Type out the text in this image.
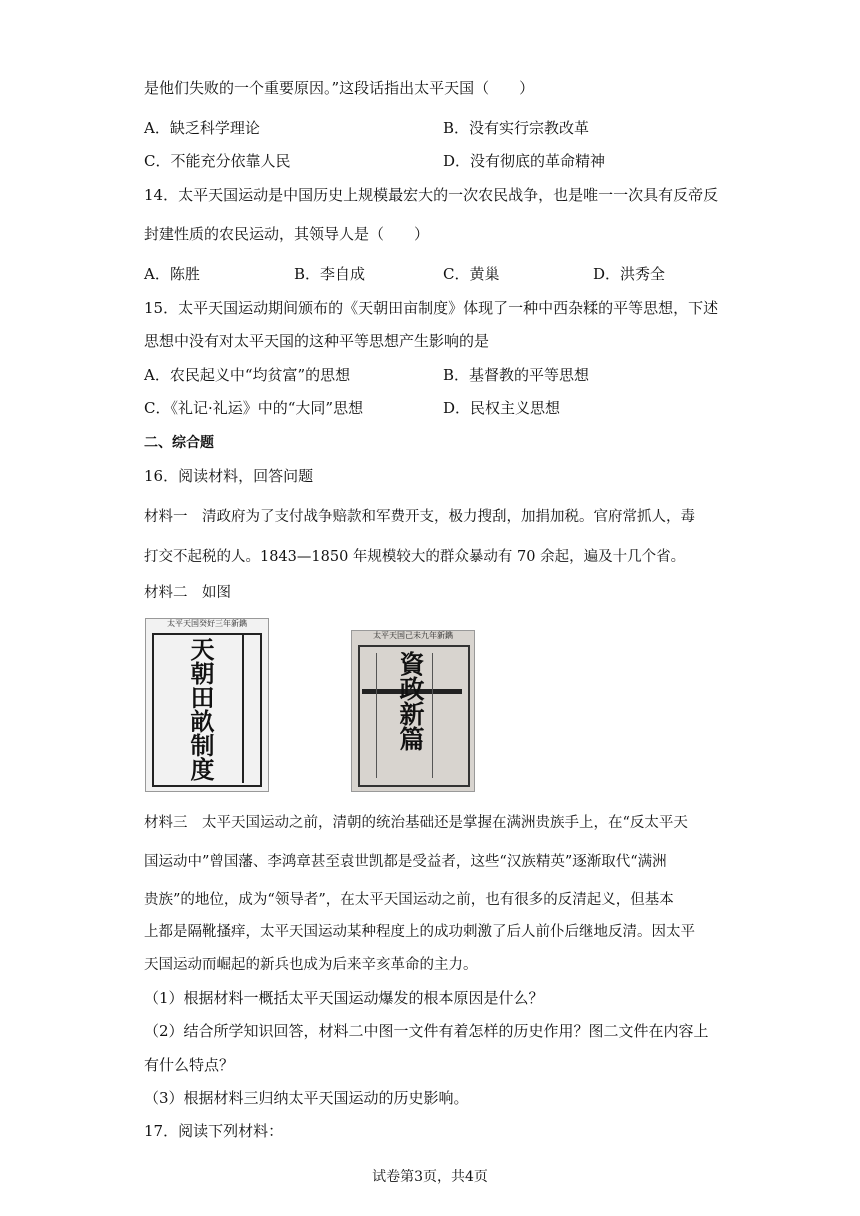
是他们失败的一个重要原因。”这段话指出太平天国（　　）
A．缺乏科学理论	B．没有实行宗教改革
C．不能充分依靠人民	D．没有彻底的革命精神
14．太平天国运动是中国历史上规模最宏大的一次农民战争，也是唯一一次具有反帝反
封建性质的农民运动，其领导人是（　　）
A．陈胜	B．李自成	C．黄巢	D．洪秀全
15．太平天国运动期间颁布的《天朝田亩制度》体现了一种中西杂糅的平等思想，下述
思想中没有对太平天国的这种平等思想产生影响的是
A．农民起义中“均贫富”的思想	B．基督教的平等思想
C．《礼记·礼运》中的“大同”思想	D．民权主义思想
二、综合题
16．阅读材料，回答问题
材料一　清政府为了支付战争赔款和军费开支，极力搜刮，加捐加税。官府常抓人，毒
打交不起税的人。1843—1850 年规模较大的群众暴动有 70 余起，遍及十几个省。
材料二　如图
太平天国癸好三年新鐫
天朝田畝制度
太平天国己未九年新鐫
資政新篇
材料三　太平天国运动之前，清朝的统治基础还是掌握在满洲贵族手上，在“反太平天
国运动中”曾国藩、李鸿章甚至袁世凯都是受益者，这些“汉族精英”逐渐取代“满洲
贵族”的地位，成为“领导者”，在太平天国运动之前，也有很多的反清起义，但基本
上都是隔靴搔痒，太平天国运动某种程度上的成功刺激了后人前仆后继地反清。因太平
天国运动而崛起的新兵也成为后来辛亥革命的主力。
（1）根据材料一概括太平天国运动爆发的根本原因是什么？
（2）结合所学知识回答，材料二中图一文件有着怎样的历史作用？图二文件在内容上
有什么特点？
（3）根据材料三归纳太平天国运动的历史影响。
17．阅读下列材料：
试卷第3页，共4页
